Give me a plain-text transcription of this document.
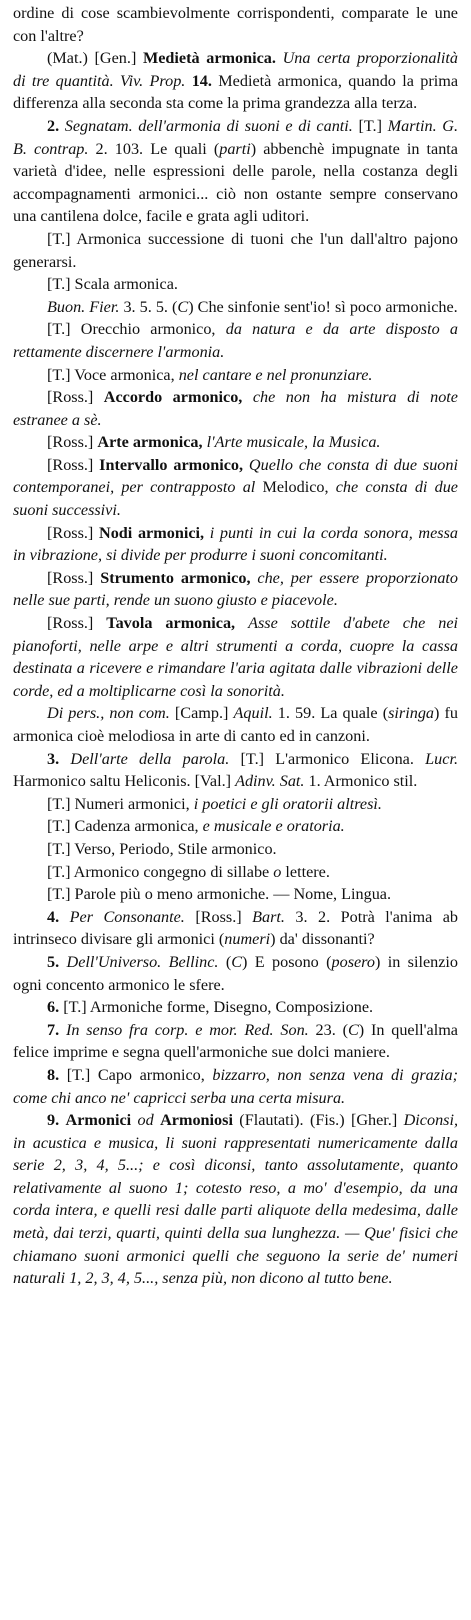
ordine di cose scambievolmente corrispondenti, comparate le une con l'altre?

(Mat.) [Gen.] Medietà armonica. Una certa proporzionalità di tre quantità. Viv. Prop. 14. Medietà armonica, quando la prima differenza alla seconda sta come la prima grandezza alla terza.

2. Segnatam. dell'armonia di suoni e di canti. [T.] Martin. G. B. contrap. 2. 103. Le quali (parti) abbenchè impugnate in tanta varietà d'idee, nelle espressioni delle parole, nella costanza degli accompagnamenti armonici... ciò non ostante sempre conservano una cantilena dolce, facile e grata agli uditori.

[T.] Armonica successione di tuoni che l'un dall'altro pajono generarsi.

[T.] Scala armonica.

Buon. Fier. 3. 5. 5. (C) Che sinfonie sent'io! sì poco armoniche.

[T.] Orecchio armonico, da natura e da arte disposto a rettamente discernere l'armonia.

[T.] Voce armonica, nel cantare e nel pronunziare.

[Ross.] Accordo armonico, che non ha mistura di note estranee a sè.

[Ross.] Arte armonica, l'Arte musicale, la Musica.

[Ross.] Intervallo armonico, Quello che consta di due suoni contemporanei, per contrapposto al Melodico, che consta di due suoni successivi.

[Ross.] Nodi armonici, i punti in cui la corda sonora, messa in vibrazione, si divide per produrre i suoni concomitanti.

[Ross.] Strumento armonico, che, per essere proporzionato nelle sue parti, rende un suono giusto e piacevole.

[Ross.] Tavola armonica, Asse sottile d'abete che nei pianoforti, nelle arpe e altri strumenti a corda, cuopre la cassa destinata a ricevere e rimandare l'aria agitata dalle vibrazioni delle corde, ed a moltiplicarne così la sonorità.

Di pers., non com. [Camp.] Aquil. 1. 59. La quale (siringa) fu armonica cioè melodiosa in arte di canto ed in canzoni.

3. Dell'arte della parola. [T.] L'armonico Elicona. Lucr. Harmonico saltu Heliconis. [Val.] Adinv. Sat. 1. Armonico stil.

[T.] Numeri armonici, i poetici e gli oratorii altresì.

[T.] Cadenza armonica, e musicale e oratoria.

[T.] Verso, Periodo, Stile armonico.

[T.] Armonico congegno di sillabe o lettere.

[T.] Parole più o meno armoniche. — Nome, Lingua.

4. Per Consonante. [Ross.] Bart. 3. 2. Potrà l'anima ab intrinseco divisare gli armonici (numeri) da' dissonanti?

5. Dell'Universo. Bellinc. (C) E posono (posero) in silenzio ogni concento armonico le sfere.

6. [T.] Armoniche forme, Disegno, Composizione.

7. In senso fra corp. e mor. Red. Son. 23. (C) In quell'alma felice imprime e segna quell'armoniche sue dolci maniere.

8. [T.] Capo armonico, bizzarro, non senza vena di grazia; come chi anco ne' capricci serba una certa misura.

9. Armonici od Armoniosi (Flautati). (Fis.) [Gher.] Diconsi, in acustica e musica, li suoni rappresentati numericamente dalla serie 2, 3, 4, 5...; e così diconsi, tanto assolutamente, quanto relativamente al suono 1; cotesto reso, a mo' d'esempio, da una corda intera, e quelli resi dalle parti aliquote della medesima, dalle metà, dai terzi, quarti, quinti della sua lunghezza. — Que' fisici che chiamano suoni armonici quelli che seguono la serie de' numeri naturali 1, 2, 3, 4, 5..., senza più, non dicono al tutto bene.
